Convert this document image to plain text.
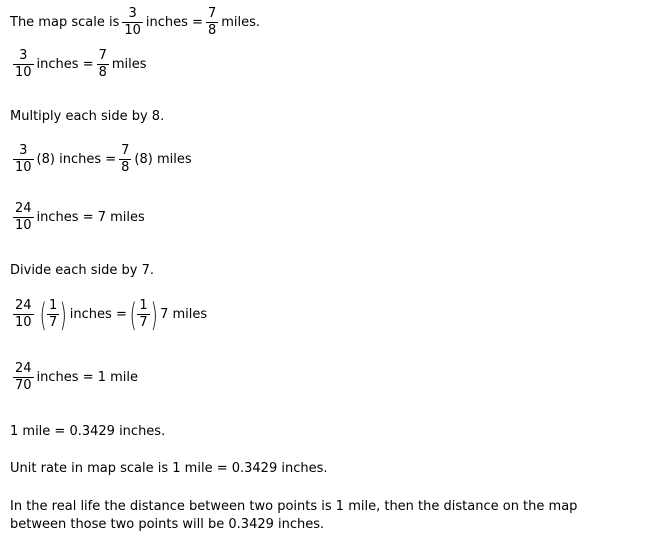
The map scale is $\frac{3}{10}$ inches = $\frac{7}{8}$ miles.
$\frac{3}{10}$ inches = $\frac{7}{8}$ miles
Multiply each side by 8.
$\frac{3}{10} (8)$ inches = $\frac{7}{8} (8)$ miles
$\frac{24}{10}$ inches = 7 miles
Divide each side by 7.
$\frac{24}{10}$ ( $\frac{1}{7}$ ) inches = ( $\frac{1}{7}$ ) 7 miles
$\frac{24}{70}$ inches = 1 mile
1 mile = 0.3429 inches.
Unit rate in map scale is 1 mile = 0.3429 inches.
In the real life the distance between two points is 1 mile, then the distance on the map between those two points will be 0.3429 inches.
